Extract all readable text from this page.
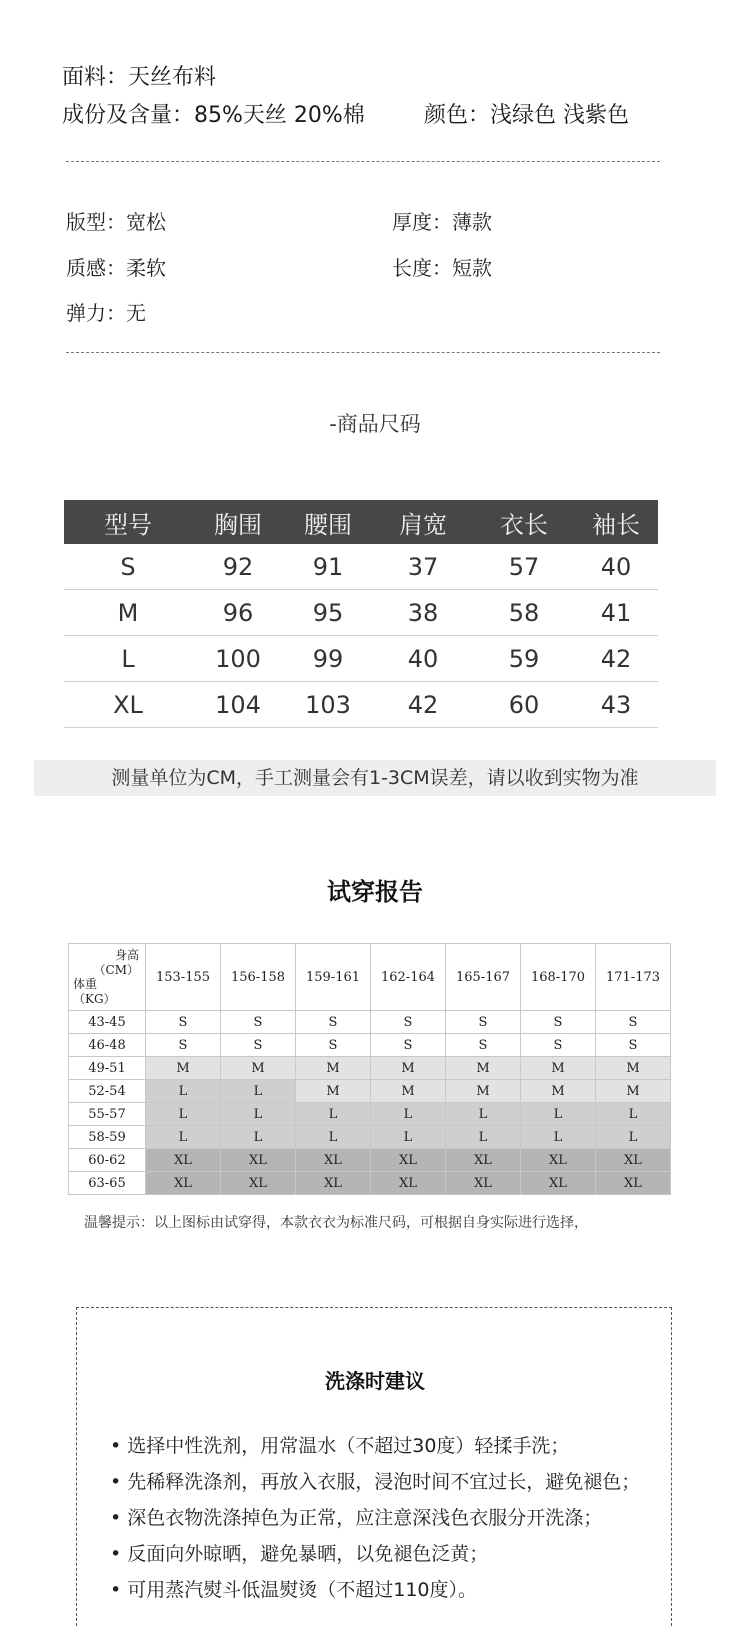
面料：天丝布料
成份及含量：85%天丝 20%棉	颜色：浅绿色 浅紫色
版型：宽松	厚度：薄款
质感：柔软	长度：短款
弹力：无
-商品尺码
型号	胸围	腰围	肩宽	衣长	袖长
S	92	91	37	57	40
M	96	95	38	58	41
L	100	99	40	59	42
XL	104	103	42	60	43
测量单位为CM，手工测量会有1-3CM误差，请以收到实物为准
试穿报告
身高
（CM）
体重
（KG）	153-155	156-158	159-161	162-164	165-167	168-170	171-173
43-45	S	S	S	S	S	S	S
46-48	S	S	S	S	S	S	S
49-51	M	M	M	M	M	M	M
52-54	L	L	M	M	M	M	M
55-57	L	L	L	L	L	L	L
58-59	L	L	L	L	L	L	L
60-62	XL	XL	XL	XL	XL	XL	XL
63-65	XL	XL	XL	XL	XL	XL	XL
温馨提示：以上图标由试穿得，本款衣衣为标准尺码，可根据自身实际进行选择，
洗涤时建议
• 选择中性洗剂，用常温水（不超过30度）轻揉手洗；
• 先稀释洗涤剂，再放入衣服，浸泡时间不宜过长，避免褪色；
• 深色衣物洗涤掉色为正常，应注意深浅色衣服分开洗涤；
• 反面向外晾晒，避免暴晒，以免褪色泛黄；
• 可用蒸汽熨斗低温熨烫（不超过110度）。
